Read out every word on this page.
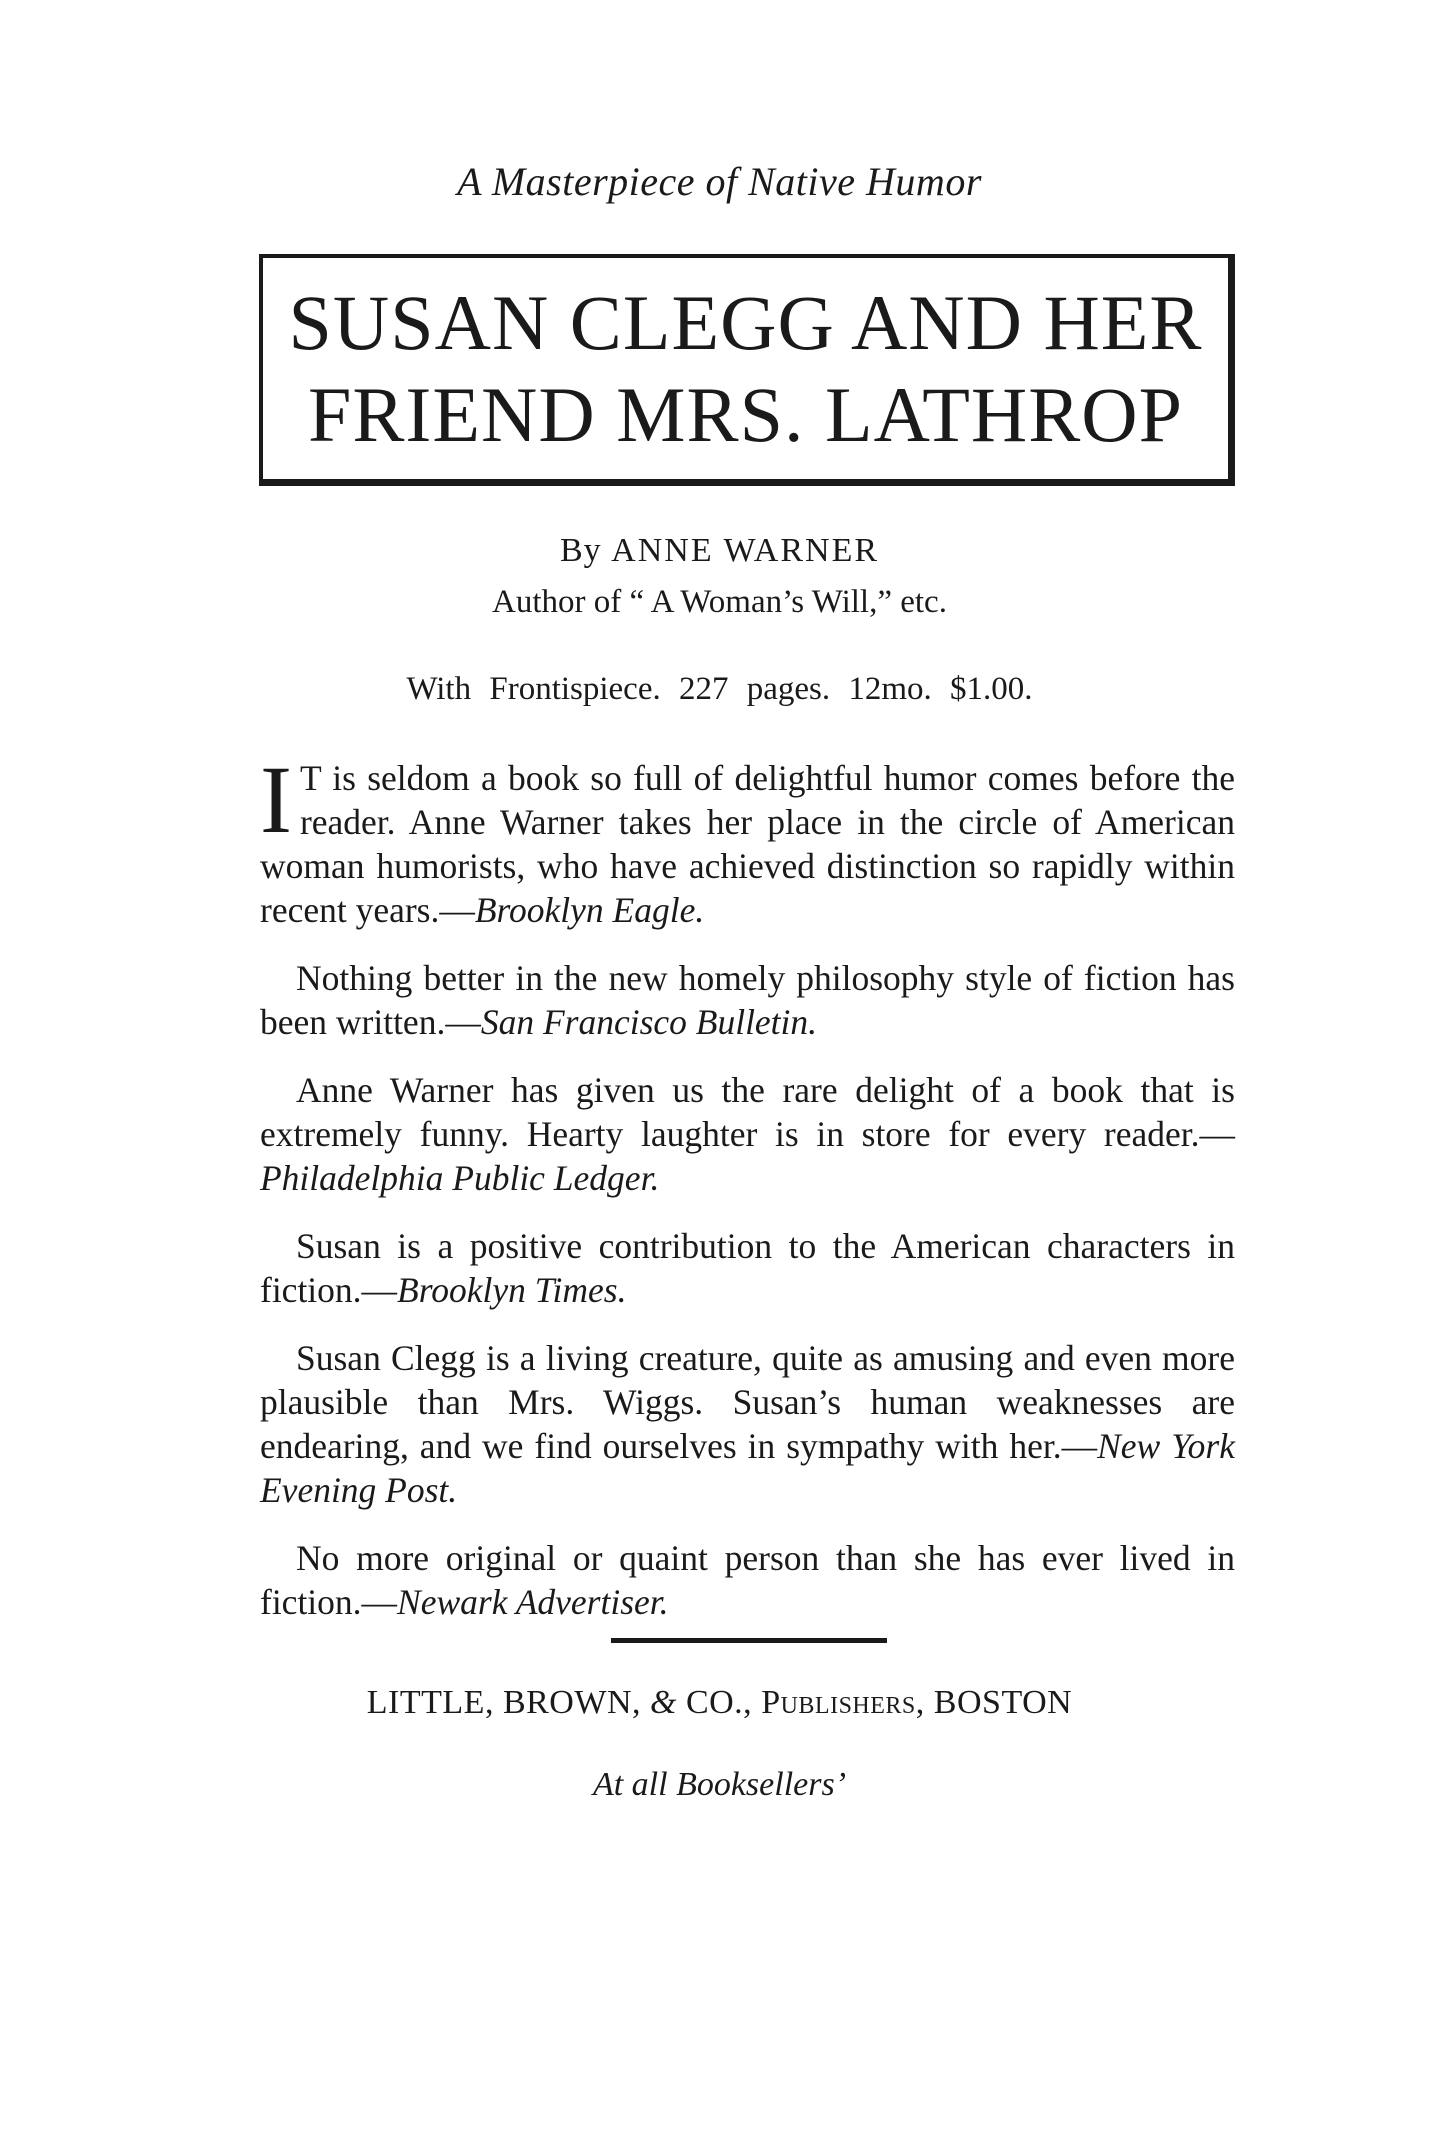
A Masterpiece of Native Humor
SUSAN CLEGG AND HER
FRIEND MRS. LATHROP
By ANNE WARNER
Author of “ A Woman’s Will,” etc.
With Frontispiece. 227 pages. 12mo. $1.00.

I T is seldom a book so full of delightful humor comes before the reader. Anne Warner takes her place in the circle of American woman humorists, who have achieved distinction so rapidly within recent years.—Brooklyn Eagle.

Nothing better in the new homely philosophy style of fiction has been written.—San Francisco Bulletin.

Anne Warner has given us the rare delight of a book that is extremely funny. Hearty laughter is in store for every reader.—Philadelphia Public Ledger.

Susan is a positive contribution to the American characters in fiction.—Brooklyn Times.

Susan Clegg is a living creature, quite as amusing and even more plausible than Mrs. Wiggs. Susan’s human weaknesses are endearing, and we find ourselves in sympathy with her.—New York Evening Post.

No more original or quaint person than she has ever lived in fiction.—Newark Advertiser.

LITTLE, BROWN, & CO., Publishers, BOSTON
At all Booksellers’
